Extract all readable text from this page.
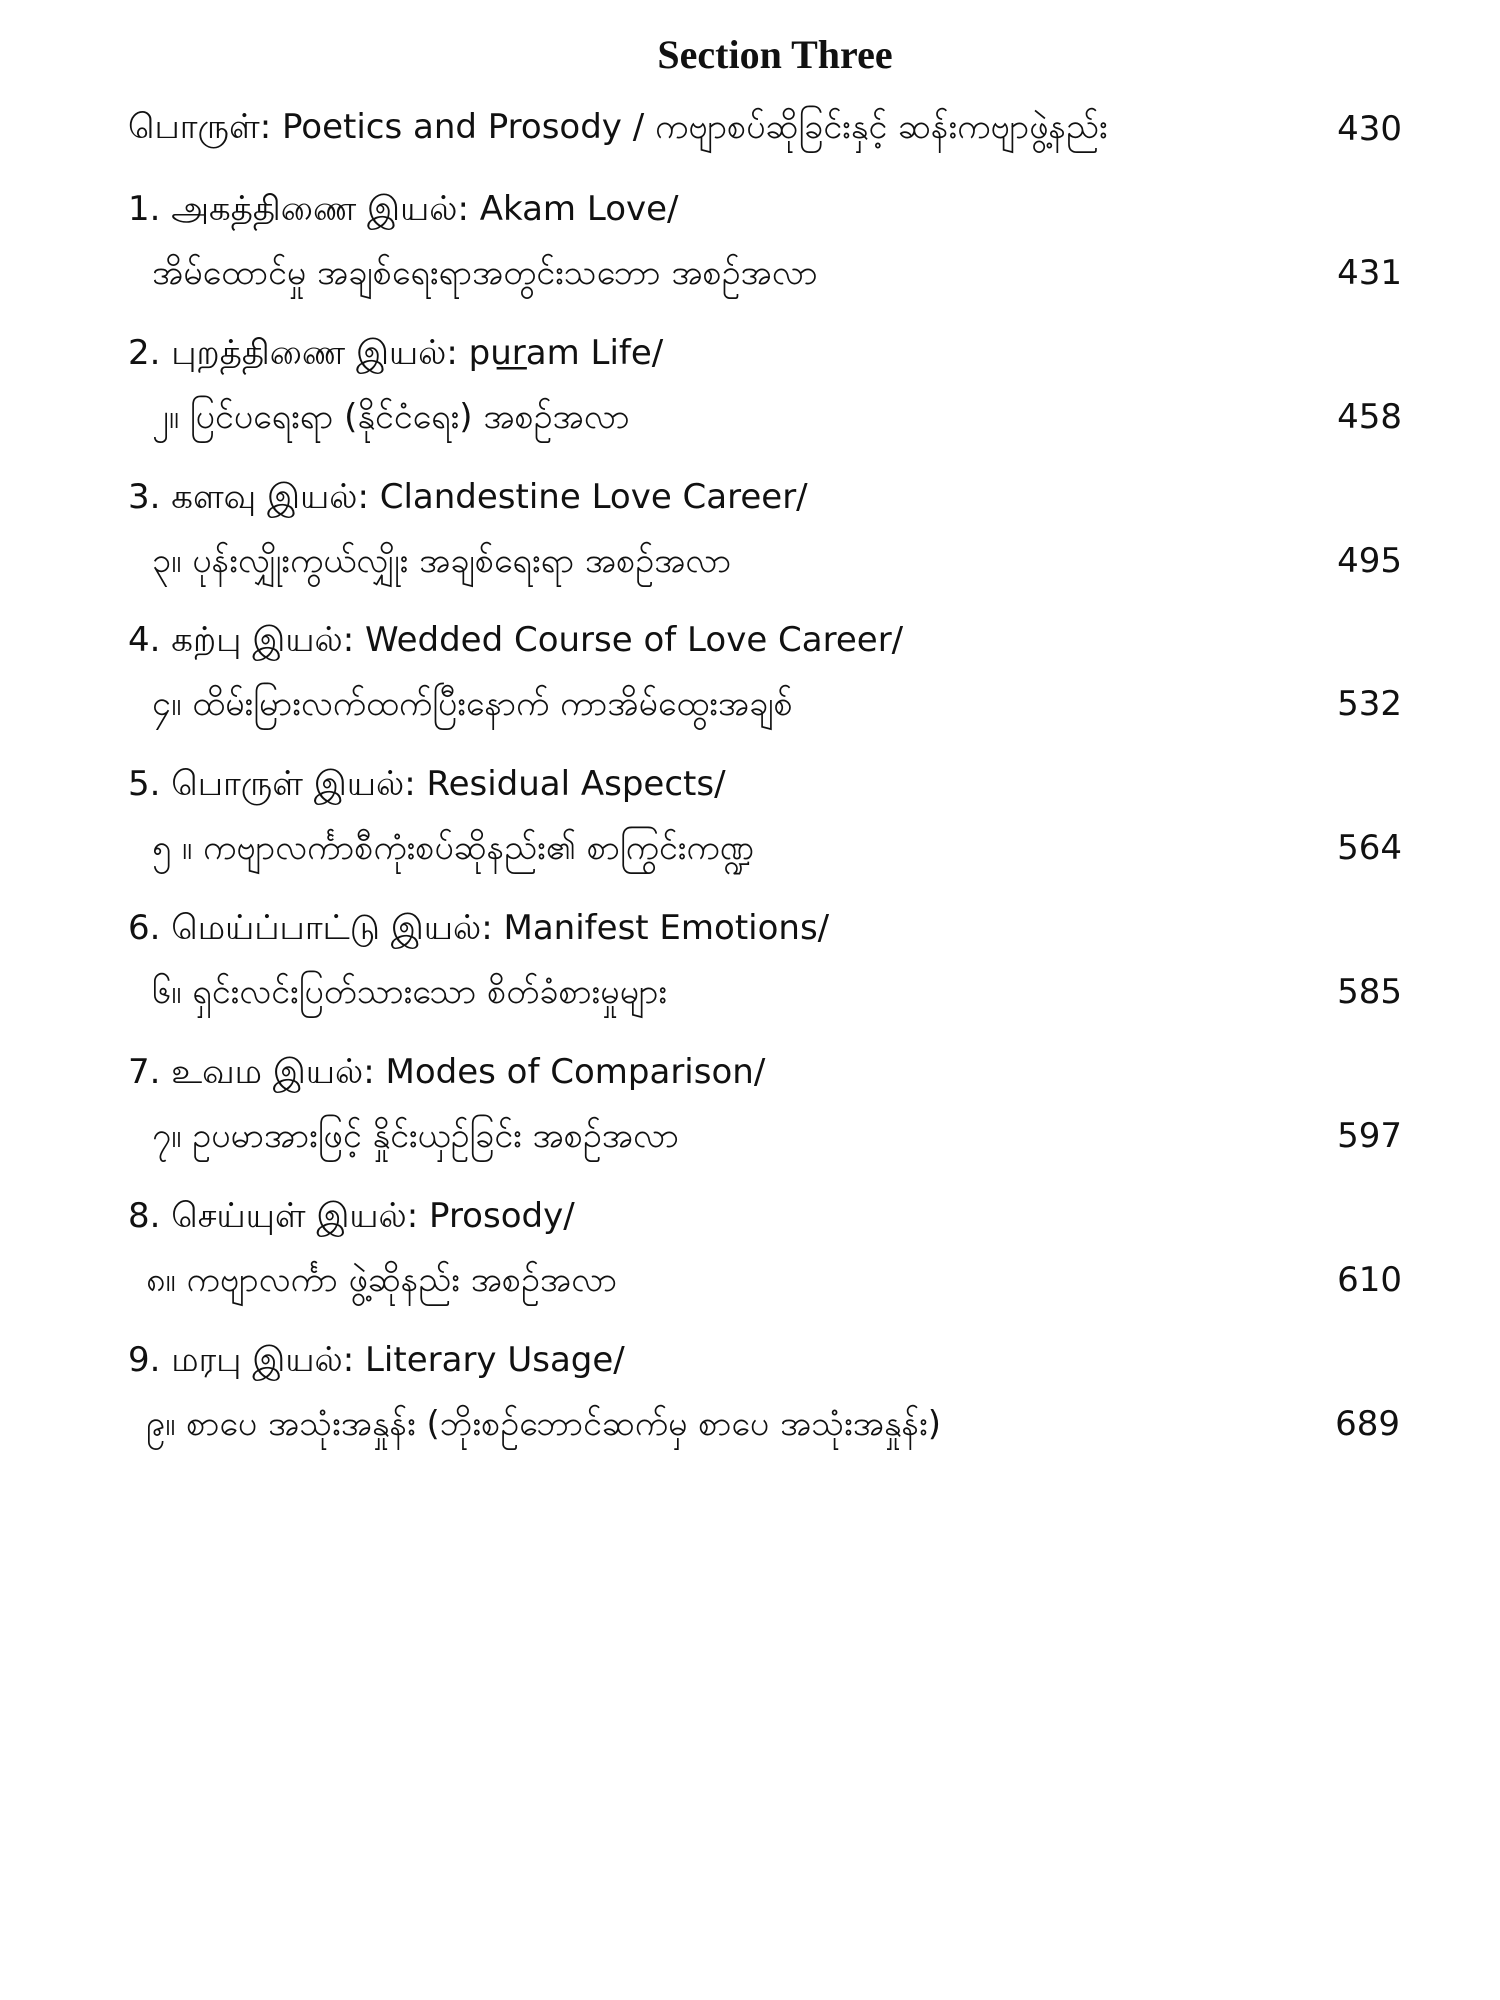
Section Three
பொருள்: Poetics and Prosody / ကဗျာစပ်ဆိုခြင်းနှင့် ဆန်းကဗျာဖွဲ့နည်း	430
1. அகத்திணை இயல்: Akam Love/
အိမ်ထောင်မှု အချစ်ရေးရာအတွင်းသဘော အစဉ်အလာ	431
2. புறத்திணை இயல்: pu͟ram Life/
၂။ ပြင်ပရေးရာ (နိုင်ငံရေး) အစဉ်အလာ	458
3. களவு இயல்: Clandestine Love Career/
၃။ ပုန်းလျှိုးကွယ်လျှိုး အချစ်ရေးရာ အစဉ်အလာ	495
4. கற்பு இயல்: Wedded Course of Love Career/
၄။ ထိမ်းမြားလက်ထက်ပြီးနောက် ကာအိမ်ထွေးအချစ်	532
5. பொருள் இயல்: Residual Aspects/
၅ ။ ကဗျာလင်္ကာစီကုံးစပ်ဆိုနည်း၏ စာကြွင်းကဏ္ဍ	564
6. மெய்ப்பாட்டு இயல்: Manifest Emotions/
၆။ ရှင်းလင်းပြတ်သားသော စိတ်ခံစားမှုများ	585
7. உவம இயல்: Modes of Comparison/
၇။ ဥပမာအားဖြင့် နှိုင်းယှဉ်ခြင်း အစဉ်အလာ	597
8. செய்யுள் இயல்: Prosody/
၈။ ကဗျာလင်္ကာ ဖွဲ့ဆိုနည်း အစဉ်အလာ	610
9. மரபு இயல்: Literary Usage/
၉။ စာပေ အသုံးအနှုန်း (ဘိုးစဉ်ဘောင်ဆက်မှ စာပေ အသုံးအနှုန်း)	689
